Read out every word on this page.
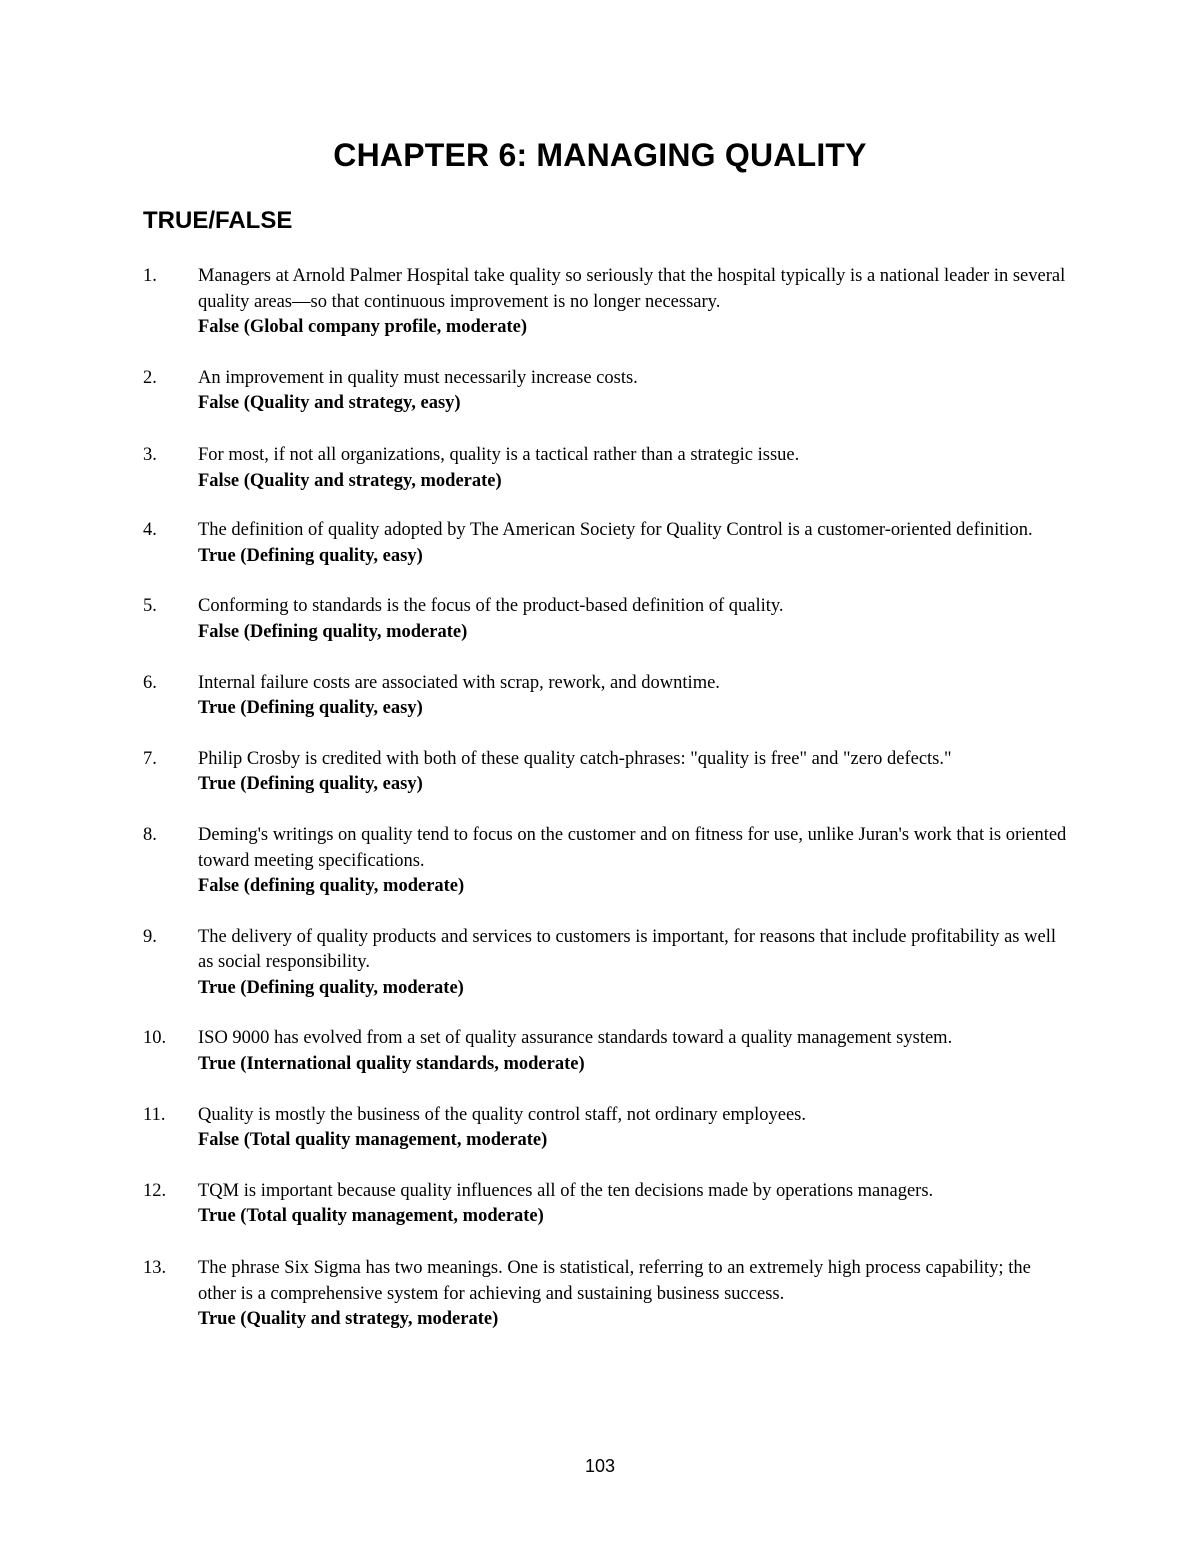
CHAPTER 6: MANAGING QUALITY
TRUE/FALSE
1. Managers at Arnold Palmer Hospital take quality so seriously that the hospital typically is a national leader in several quality areas—so that continuous improvement is no longer necessary.
False (Global company profile, moderate)
2. An improvement in quality must necessarily increase costs.
False (Quality and strategy, easy)
3. For most, if not all organizations, quality is a tactical rather than a strategic issue.
False (Quality and strategy, moderate)
4. The definition of quality adopted by The American Society for Quality Control is a customer-oriented definition.
True (Defining quality, easy)
5. Conforming to standards is the focus of the product-based definition of quality.
False (Defining quality, moderate)
6. Internal failure costs are associated with scrap, rework, and downtime.
True (Defining quality, easy)
7. Philip Crosby is credited with both of these quality catch-phrases: "quality is free" and "zero defects."
True (Defining quality, easy)
8. Deming's writings on quality tend to focus on the customer and on fitness for use, unlike Juran's work that is oriented toward meeting specifications.
False (defining quality, moderate)
9. The delivery of quality products and services to customers is important, for reasons that include profitability as well as social responsibility.
True (Defining quality, moderate)
10. ISO 9000 has evolved from a set of quality assurance standards toward a quality management system.
True (International quality standards, moderate)
11. Quality is mostly the business of the quality control staff, not ordinary employees.
False (Total quality management, moderate)
12. TQM is important because quality influences all of the ten decisions made by operations managers.
True (Total quality management, moderate)
13. The phrase Six Sigma has two meanings. One is statistical, referring to an extremely high process capability; the other is a comprehensive system for achieving and sustaining business success.
True (Quality and strategy, moderate)
103
